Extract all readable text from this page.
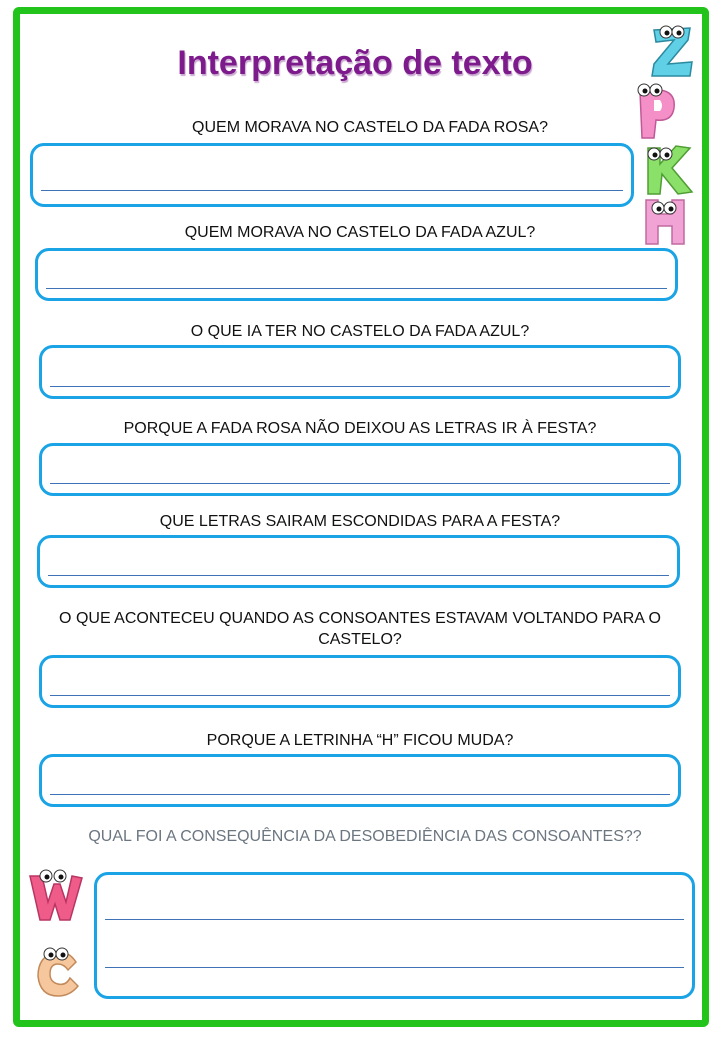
Interpretação de texto
QUEM MORAVA NO CASTELO DA FADA ROSA?
QUEM MORAVA NO CASTELO DA FADA AZUL?
O QUE IA TER NO CASTELO DA FADA AZUL?
PORQUE A FADA ROSA NÃO DEIXOU AS LETRAS IR À FESTA?
QUE LETRAS SAIRAM ESCONDIDAS PARA A FESTA?
O QUE ACONTECEU QUANDO AS CONSOANTES ESTAVAM VOLTANDO PARA O CASTELO?
PORQUE A LETRINHA “H” FICOU MUDA?
QUAL FOI A CONSEQUÊNCIA DA DESOBEDIÊNCIA DAS CONSOANTES??
